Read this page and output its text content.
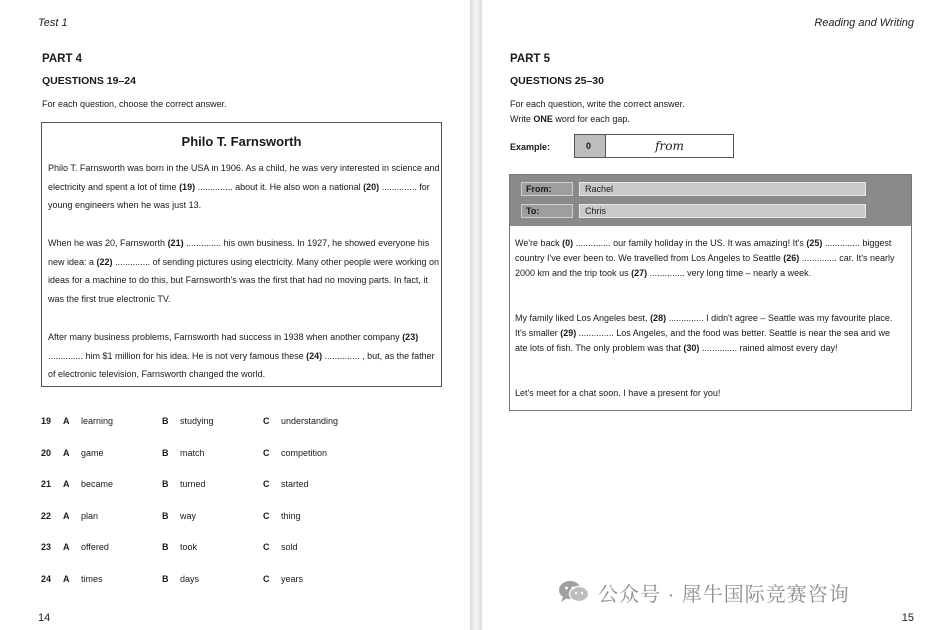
Test 1
PART 4
QUESTIONS 19–24
For each question, choose the correct answer.
Philo T. Farnsworth
Philo T. Farnsworth was born in the USA in 1906. As a child, he was very interested in science and electricity and spent a lot of time (19) .............. about it. He also won a national (20) .............. for young engineers when he was just 13.
When he was 20, Farnsworth (21) .............. his own business. In 1927, he showed everyone his new idea: a (22) .............. of sending pictures using electricity. Many other people were working on ideas for a machine to do this, but Farnsworth's was the first that had no moving parts. In fact, it was the first true electronic TV.
After many business problems, Farnsworth had success in 1938 when another company (23) .............. him $1 million for his idea. He is not very famous these (24) .............. , but, as the father of electronic television, Farnsworth changed the world.
19 A learning	B studying	C understanding
20 A game	B match	C competition
21 A became	B turned	C started
22 A plan	B way	C thing
23 A offered	B took	C sold
24 A times	B days	C years
14
Reading and Writing
PART 5
QUESTIONS 25–30
For each question, write the correct answer.
Write ONE word for each gap.
Example:	0	from
From:	Rachel
To:	Chris
We're back (0) .............. our family holiday in the US. It was amazing! It's (25) .............. biggest country I've ever been to. We travelled from Los Angeles to Seattle (26) .............. car. It's nearly 2000 km and the trip took us (27) .............. very long time – nearly a week.
My family liked Los Angeles best, (28) .............. I didn't agree – Seattle was my favourite place. It's smaller (29) .............. Los Angeles, and the food was better. Seattle is near the sea and we ate lots of fish. The only problem was that (30) .............. rained almost every day!
Let's meet for a chat soon. I have a present for you!
15
公众号 · 犀牛国际竞赛咨询
